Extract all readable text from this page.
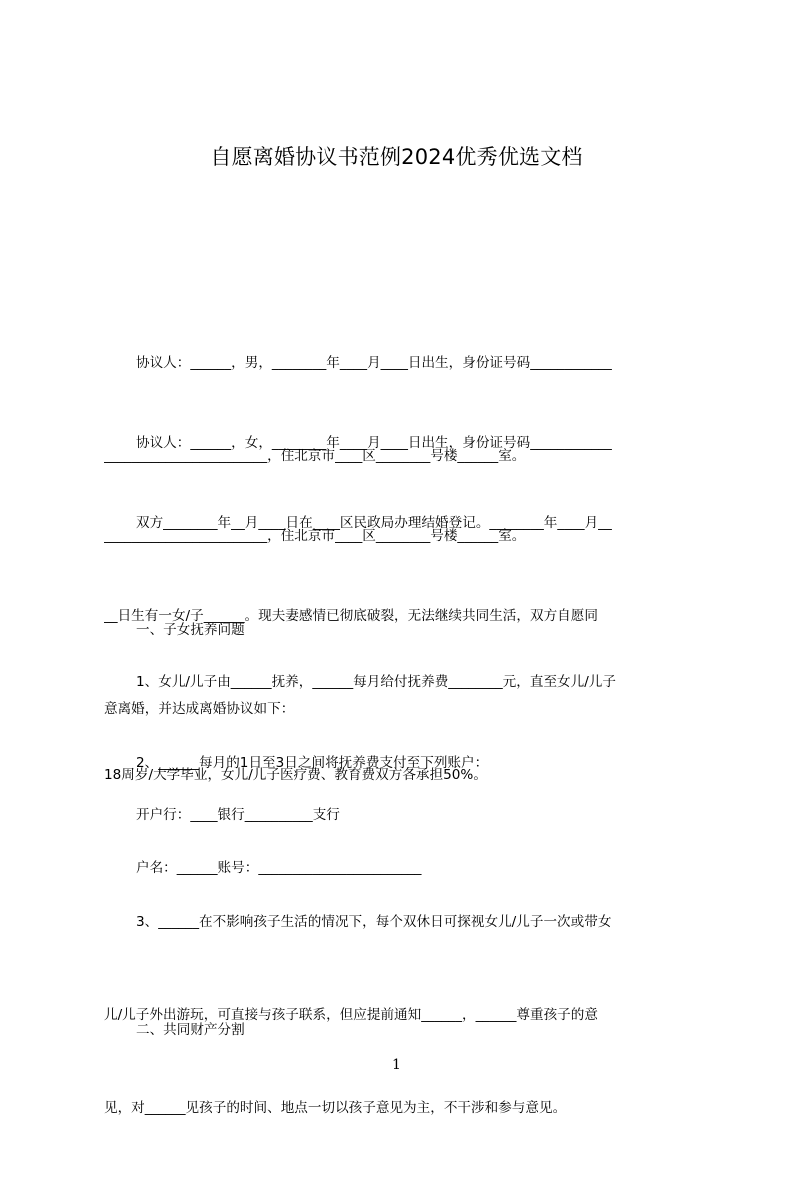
自愿离婚协议书范例2024优秀优选文档

协议人：______，男，________年____月____日出生，身份证号码____________

________________________，住北京市____区________号楼______室。

协议人：______，女，________年____月____日出生，身份证号码____________

________________________，住北京市____区________号楼______室。

双方________年__月____日在____区民政局办理结婚登记。________年____月__

__日生有一女/子______。现夫妻感情已彻底破裂，无法继续共同生活，双方自愿同

意离婚，并达成离婚协议如下：

一、子女抚养问题

1、女儿/儿子由______抚养，______每月给付抚养费________元，直至女儿/儿子

18周岁/大学毕业，女儿/儿子医疗费、教育费双方各承担50%。

2、______每月的1日至3日之间将抚养费支付至下列账户：

开户行：____银行__________支行

户名：______账号：________________________

3、______在不影响孩子生活的情况下，每个双休日可探视女儿/儿子一次或带女

儿/儿子外出游玩，可直接与孩子联系，但应提前通知______，______尊重孩子的意

见，对______见孩子的时间、地点一切以孩子意见为主，不干涉和参与意见。

二、共同财产分割

1
